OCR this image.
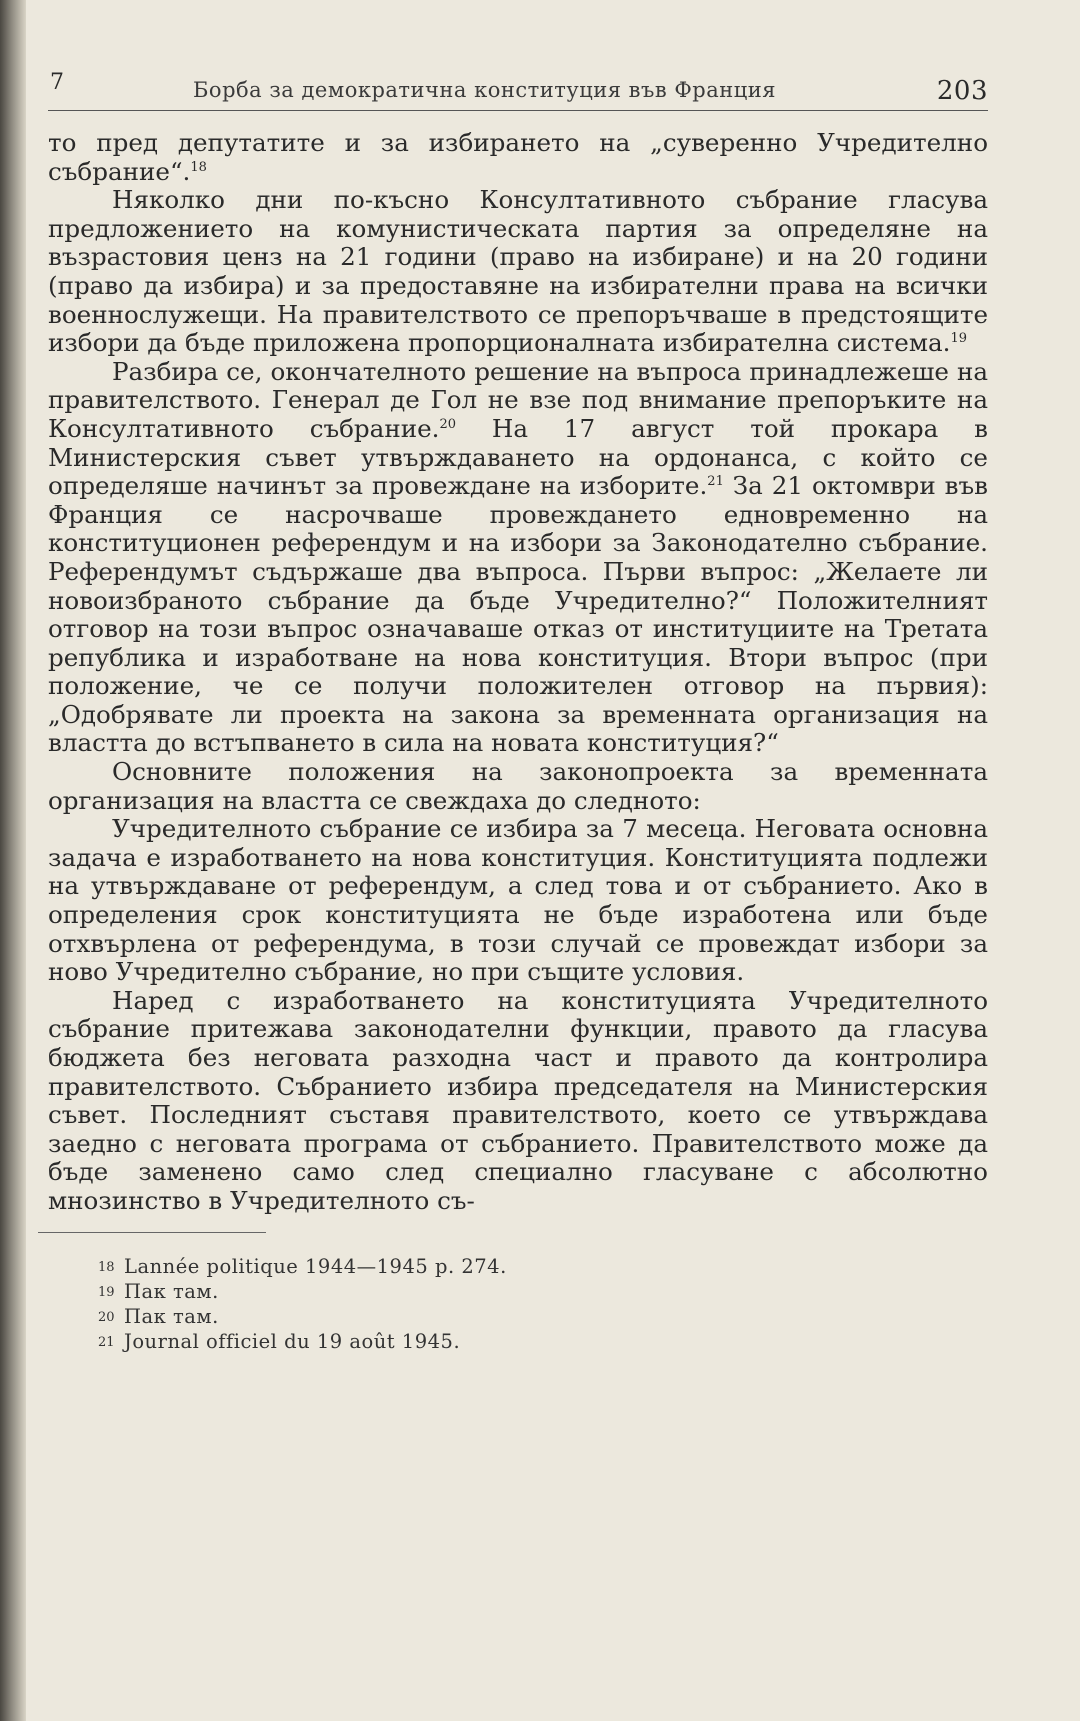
7	Борба за демократична конституция във Франция	203

то пред депутатите и за избирането на „суверенно Учредително събрание“.$^{18}$

Няколко дни по-късно Консултативното събрание гласува предложението на комунистическата партия за определяне на възрастовия ценз на 21 години (право на избиране) и на 20 години (право да избира) и за предоставяне на избирателни права на всички военнослужещи. На правителството се препоръчваше в предстоящите избори да бъде приложена пропорционалната избирателна система.$^{19}$

Разбира се, окончателното решение на въпроса принадлежеше на правителството. Генерал де Гол не взе под внимание препоръките на Консултативното събрание.$^{20}$ На 17 август той прокара в Министерския съвет утвърждаването на ордонанса, с който се определяше начинът за провеждане на изборите.$^{21}$ За 21 октомври във Франция се насрочваше провеждането едновременно на конституционен референдум и на избори за Законодателно събрание. Референдумът съдържаше два въпроса. Първи въпрос: „Желаете ли новоизбраното събрание да бъде Учредително?“ Положителният отговор на този въпрос означаваше отказ от институциите на Третата република и изработване на нова конституция. Втори въпрос (при положение, че се получи положителен отговор на първия): „Одобрявате ли проекта на закона за временната организация на властта до встъпването в сила на новата конституция?“

Основните положения на законопроекта за временната организация на властта се свеждаха до следното:

Учредителното събрание се избира за 7 месеца. Неговата основна задача е изработването на нова конституция. Конституцията подлежи на утвърждаване от референдум, а след това и от събранието. Ако в определения срок конституцията не бъде изработена или бъде отхвърлена от референдума, в този случай се провеждат избори за ново Учредително събрание, но при същите условия.

Наред с изработването на конституцията Учредителното събрание притежава законодателни функции, правото да гласува бюджета без неговата разходна част и правото да контролира правителството. Събранието избира председателя на Министерския съвет. Последният съставя правителството, което се утвърждава заедно с неговата програма от събранието. Правителството може да бъде заменено само след специално гласуване с абсолютно мнозинство в Учредителното съ-

18 Lannée politique 1944—1945 p. 274.
19 Пак там.
20 Пак там.
21 Journal officiel du 19 août 1945.
